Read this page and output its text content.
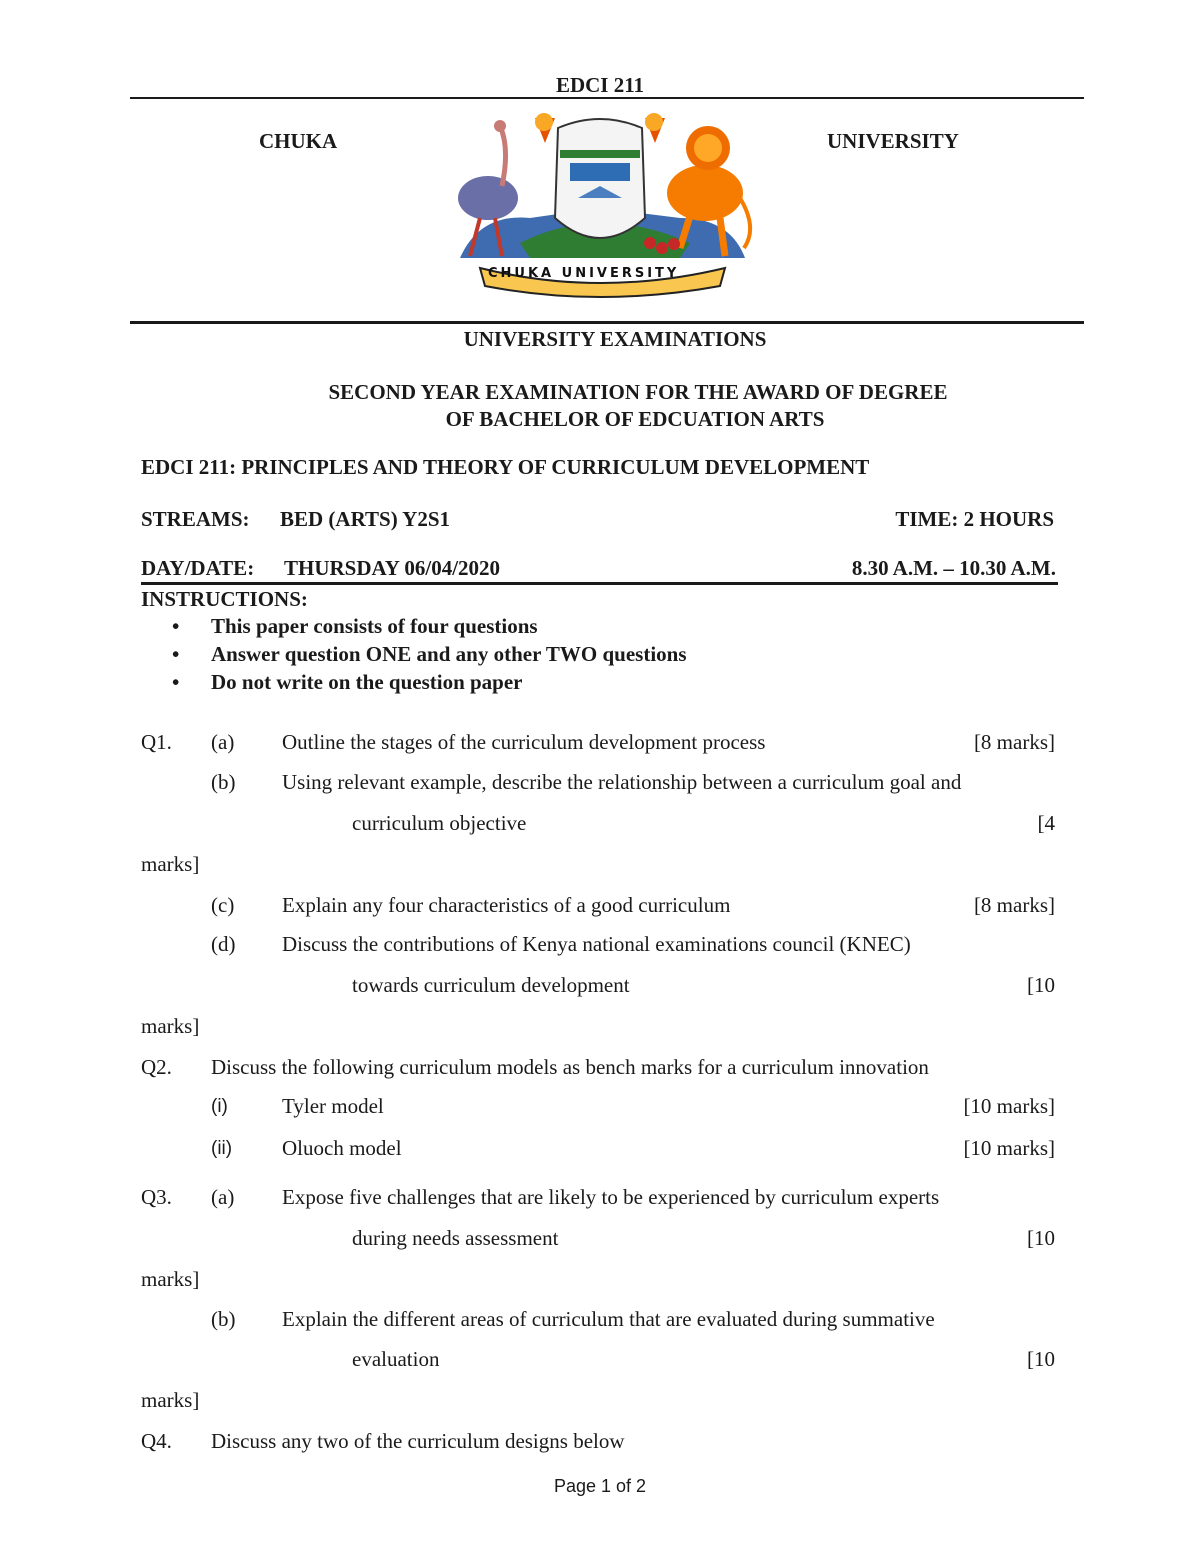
EDCI 211
CHUKA	UNIVERSITY
CHUKA UNIVERSITY
UNIVERSITY EXAMINATIONS
SECOND YEAR EXAMINATION FOR THE AWARD OF DEGREE
OF BACHELOR OF EDCUATION ARTS
EDCI 211: PRINCIPLES AND THEORY OF CURRICULUM DEVELOPMENT
STREAMS: BED (ARTS) Y2S1	TIME: 2 HOURS
DAY/DATE: THURSDAY 06/04/2020	8.30 A.M. – 10.30 A.M.
INSTRUCTIONS:
• This paper consists of four questions
• Answer question ONE and any other TWO questions
• Do not write on the question paper
Q1. (a) Outline the stages of the curriculum development process	[8 marks]
(b) Using relevant example, describe the relationship between a curriculum goal and
curriculum objective	[4
marks]
(c) Explain any four characteristics of a good curriculum	[8 marks]
(d) Discuss the contributions of Kenya national examinations council (KNEC)
towards curriculum development	[10
marks]
Q2. Discuss the following curriculum models as bench marks for a curriculum innovation
(i)	Tyler model	[10 marks]
(ii) Oluoch model	[10 marks]
Q3. (a) Expose five challenges that are likely to be experienced by curriculum experts
during needs assessment	[10
marks]
(b) Explain the different areas of curriculum that are evaluated during summative
evaluation	[10
marks]
Q4. Discuss any two of the curriculum designs below
Page 1 of 2
